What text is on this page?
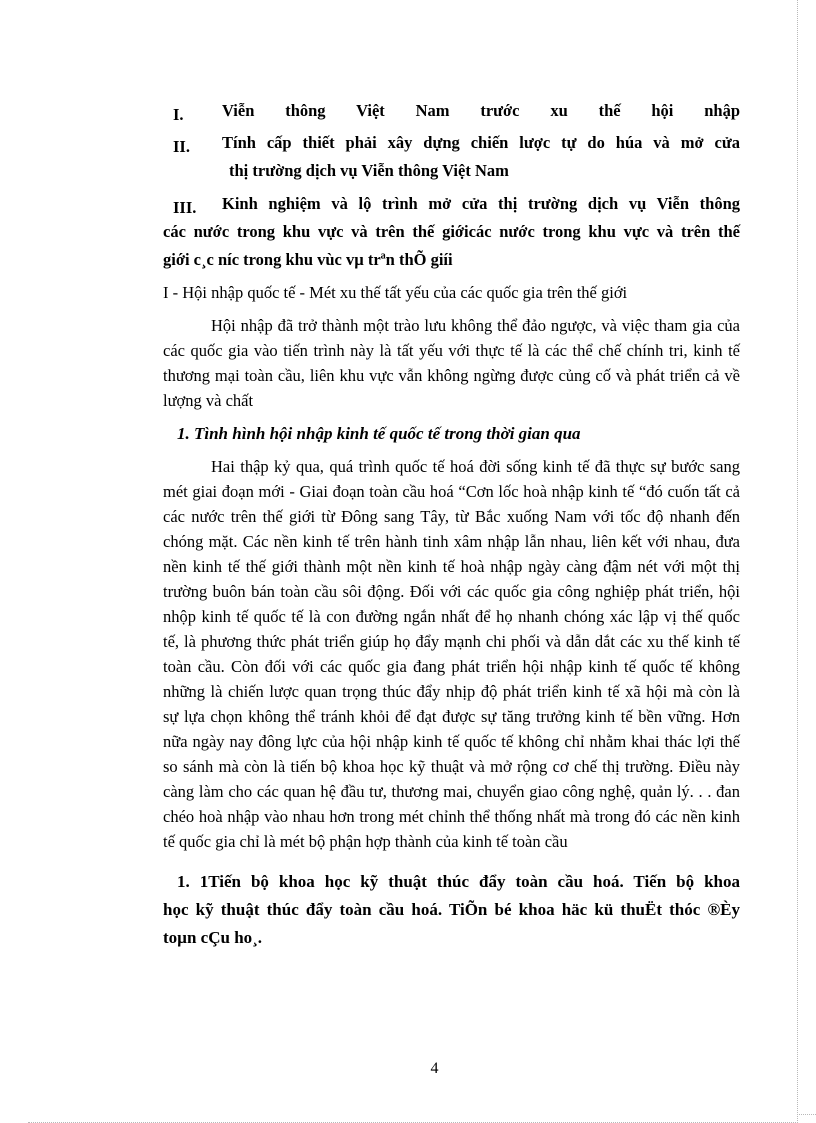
I. Viễn thông Việt Nam trước xu thế hội nhập
II. Tính cấp thiết phải xây dựng chiến lược tự do húa và mở cửa
thị trường dịch vụ Viễn thông Việt Nam
III. Kinh nghiệm và lộ trình mở cửa thị trường dịch vụ Viễn thông
các nước trong khu vực và trên thế giớicác nước trong khu vực và trên thế
giới c¸c níc trong khu vùc vµ trªn thÕ giíi
I - Hội nhập quốc tế - Mét xu thế tất yếu của các quốc gia trên thế giới
Hội nhập đã trở thành một trào lưu không thể đảo ngược, và việc tham gia của
các quốc gia vào tiến trình này là tất yếu với thực tế là các thể chế chính tri, kinh tế
thương mại toàn cầu, liên khu vực vẫn không ngừng được củng cố và phát triển cả về
lượng và chất
1. Tình hình hội nhập kinh tế quốc tế trong thời gian qua
Hai thập kỷ qua, quá trình quốc tế hoá đời sống kinh tế đã thực sự bước sang
mét giai đoạn mới - Giai đoạn toàn cầu hoá “Cơn lốc hoà nhập kinh tế “đó cuốn tất cả
các nước trên thế giới từ Đông sang Tây, từ Bắc xuống Nam với tốc độ nhanh đến
chóng mặt. Các nền kinh tế trên hành tinh xâm nhập lẫn nhau, liên kết với nhau, đưa
nền kinh tế thế giới thành một nền kinh tế hoà nhập ngày càng đậm nét với một thị
trường buôn bán toàn cầu sôi động. Đối với các quốc gia công nghiệp phát triển, hội
nhộp kinh tế quốc tế là con đường ngắn nhất để họ nhanh chóng xác lập vị thế quốc
tế, là phương thức phát triển giúp họ đẩy mạnh chi phối và dẫn dắt các xu thế kinh tế
toàn cầu. Còn đối với các quốc gia đang phát triển hội nhập kinh tế quốc tế không
những là chiến lược quan trọng thúc đẩy nhịp độ phát triển kinh tế xã hội mà còn là
sự lựa chọn không thể tránh khỏi để đạt được sự tăng trưởng kinh tế bền vững. Hơn
nữa ngày nay đông lực của hội nhập kinh tế quốc tế không chỉ nhằm khai thác lợi thế
so sánh mà còn là tiến bộ khoa học kỹ thuật và mở rộng cơ chế thị trường. Điều này
càng làm cho các quan hệ đầu tư, thương mai, chuyển giao công nghệ, quản lý. . . đan
chéo hoà nhập vào nhau hơn trong mét chỉnh thể thống nhất mà trong đó các nền kinh
tế quốc gia chỉ là mét bộ phận hợp thành của kinh tế toàn cầu
1. 1Tiến bộ khoa học kỹ thuật thúc đẩy toàn cầu hoá. Tiến bộ khoa
học kỹ thuật thúc đẩy toàn cầu hoá. TiÕn bé khoa häc kü thuËt thóc ®Èy
toµn cÇu ho¸.
4
